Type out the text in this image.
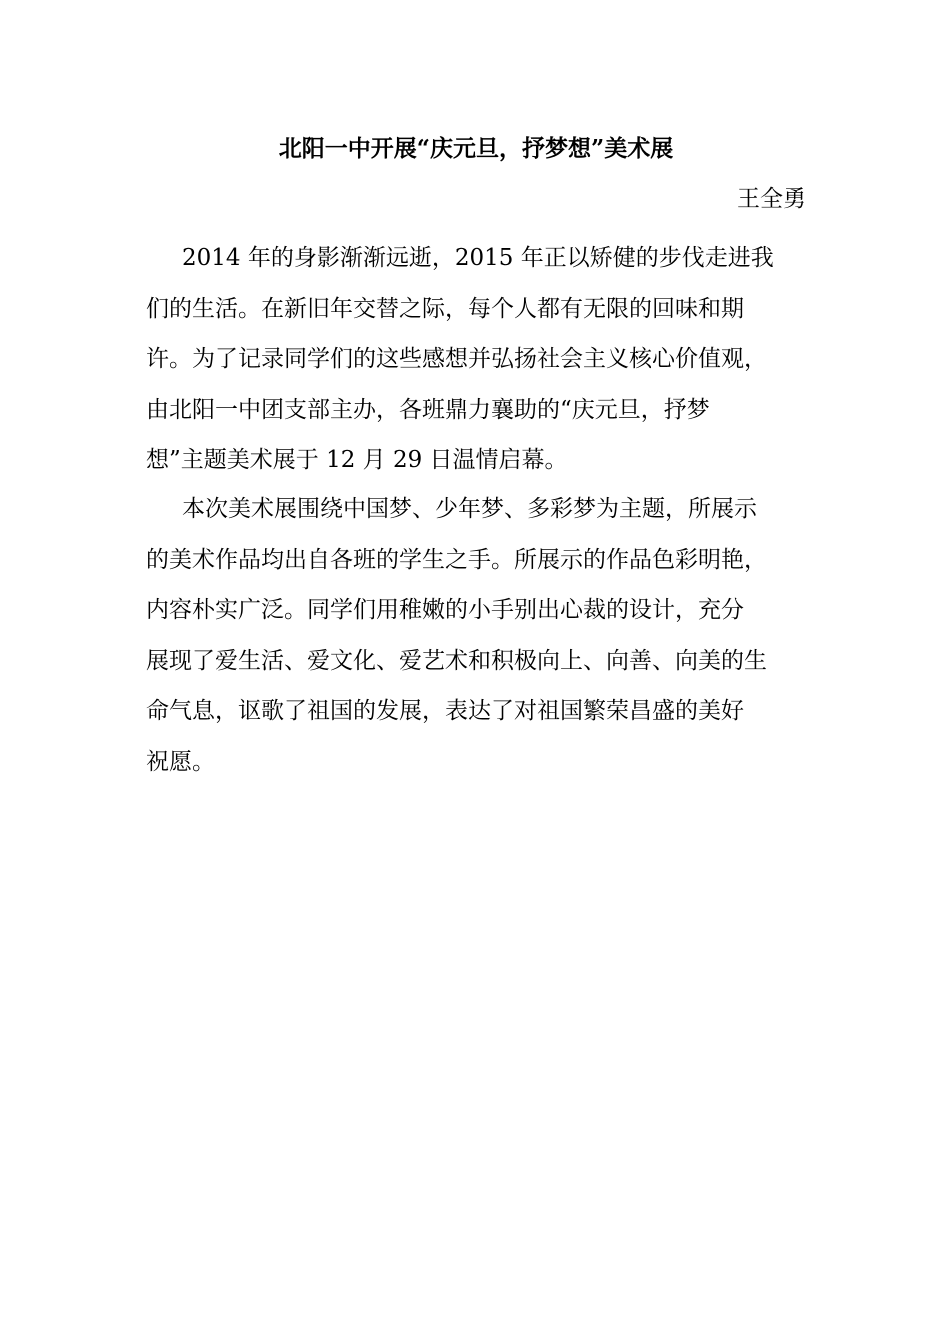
北阳一中开展“庆元旦，抒梦想”美术展

王全勇

2014 年的身影渐渐远逝，2015 年正以矫健的步伐走进我
们的生活。在新旧年交替之际，每个人都有无限的回味和期
许。为了记录同学们的这些感想并弘扬社会主义核心价值观，
由北阳一中团支部主办，各班鼎力襄助的“庆元旦，抒梦
想”主题美术展于 12 月 29 日温情启幕。
本次美术展围绕中国梦、少年梦、多彩梦为主题，所展示
的美术作品均出自各班的学生之手。所展示的作品色彩明艳，
内容朴实广泛。同学们用稚嫩的小手别出心裁的设计，充分
展现了爱生活、爱文化、爱艺术和积极向上、向善、向美的生
命气息，讴歌了祖国的发展，表达了对祖国繁荣昌盛的美好
祝愿。
